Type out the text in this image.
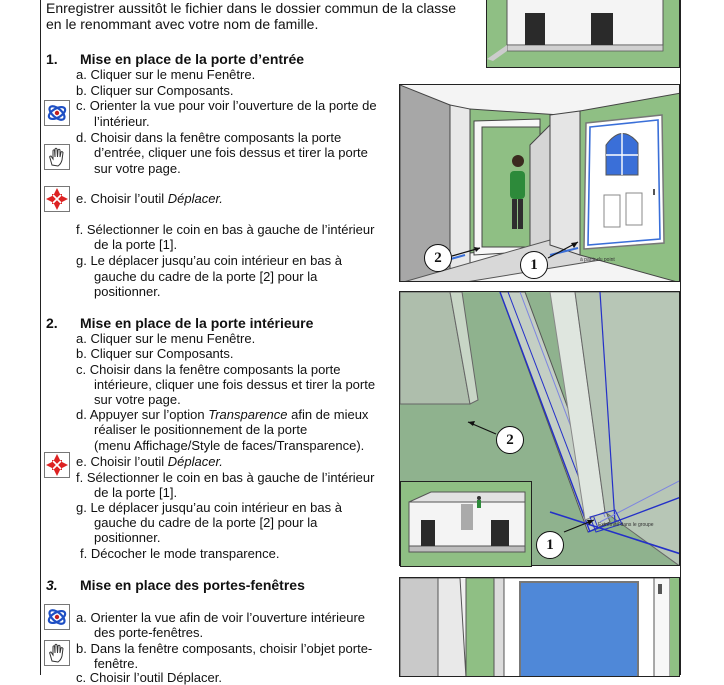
Enregistrer aussitôt le fichier dans le dossier commun de la classe
en le renommant avec votre nom de famille.
1. Mise en place de la porte d’entrée
a. Cliquer sur le menu Fenêtre.
b. Cliquer sur Composants.
c. Orienter la vue pour voir l’ouverture de la porte de
l’intérieur.
d. Choisir dans la fenêtre composants la porte
d’entrée, cliquer une fois dessus et tirer la porte
sur votre page.
e. Choisir l’outil Déplacer.
f. Sélectionner le coin en bas à gauche de l’intérieur
de la porte [1].
g. Le déplacer jusqu’au coin intérieur en bas à
gauche du cadre de la porte [2] pour la
positionner.
à partir du point
2	1
2. Mise en place de la porte intérieure
a. Cliquer sur le menu Fenêtre.
b. Cliquer sur Composants.
c. Choisir dans la fenêtre composants la porte
intérieure, cliquer une fois dessus et tirer la porte
sur votre page.
d. Appuyer sur l’option Transparence afin de mieux
réaliser le positionnement de la porte
(menu Affichage/Style de faces/Transparence).
e. Choisir l’outil Déplacer.
f. Sélectionner le coin en bas à gauche de l’intérieur
de la porte [1].
g. Le déplacer jusqu’au coin intérieur en bas à
gauche du cadre de la porte [2] pour la
positionner.
f. Décocher le mode transparence.
Extrémité dans le groupe
2
1
3. Mise en place des portes-fenêtres
a. Orienter la vue afin de voir l’ouverture intérieure
des porte-fenêtres.
b. Dans la fenêtre composants, choisir l’objet porte-
fenêtre.
c. Choisir l’outil Déplacer.
